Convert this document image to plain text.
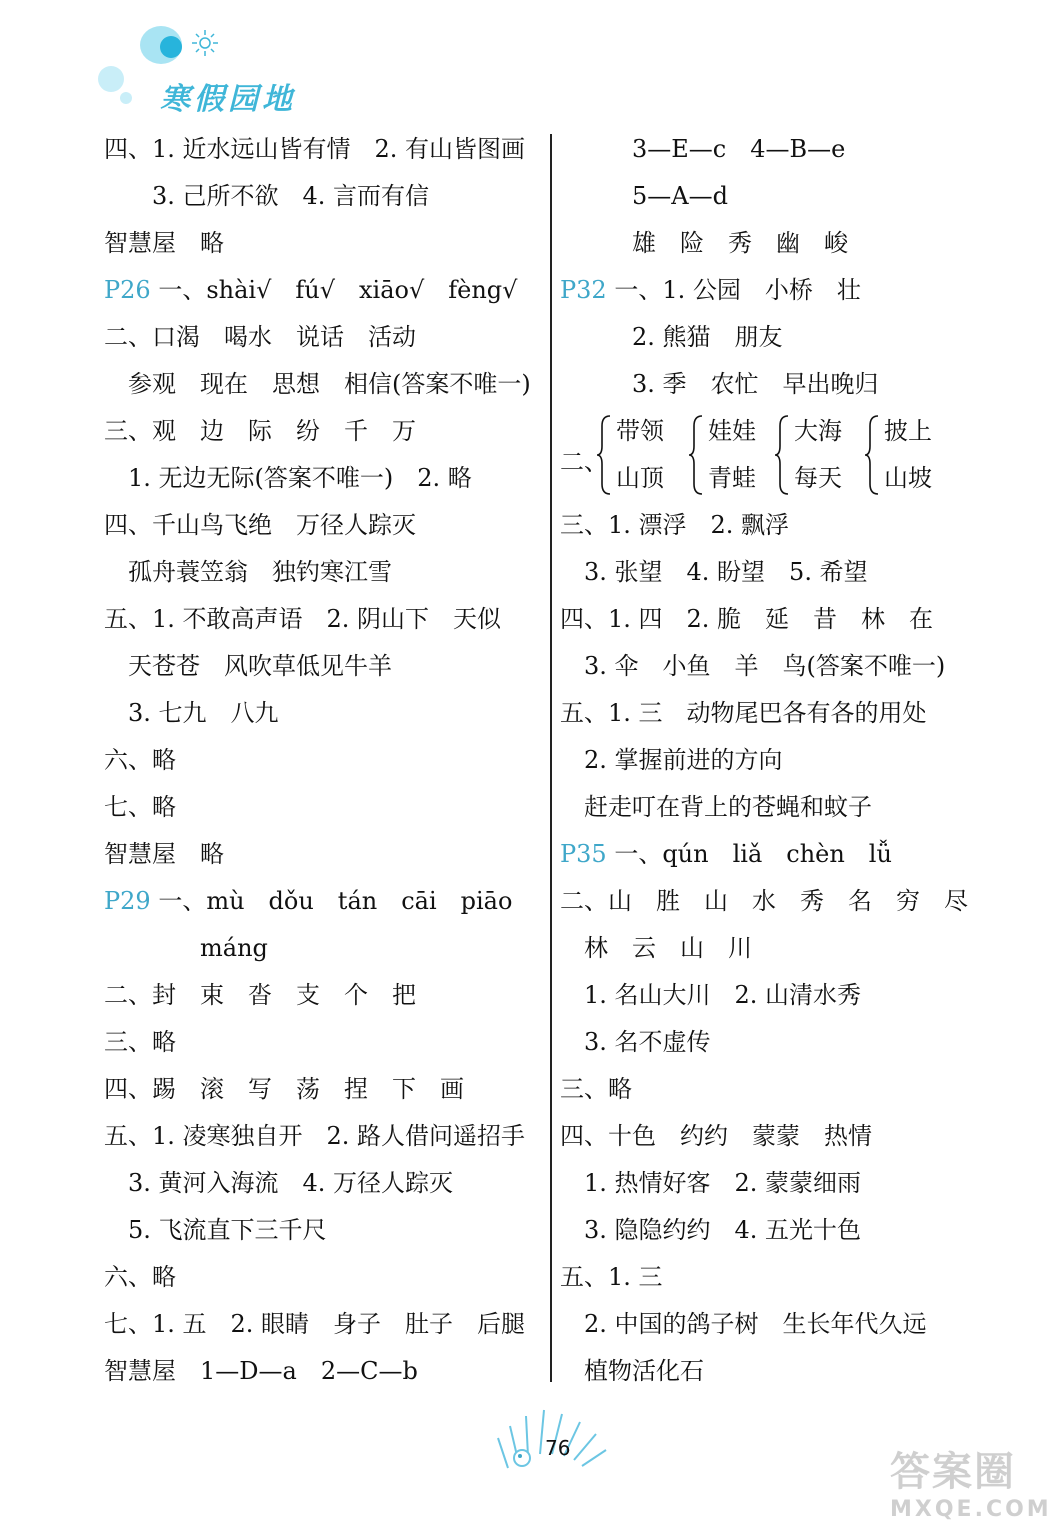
寒假园地
四、1. 近水远山皆有情　2. 有山皆图画
　　3. 己所不欲　4. 言而有信
智慧屋　略
P26 一、shài√　fú√　xiāo√　fèng√
二、口渴　喝水　说话　活动
　参观　现在　思想　相信(答案不唯一)
三、观　边　际　纷　千　万
　1. 无边无际(答案不唯一)　2. 略
四、千山鸟飞绝　万径人踪灭
　孤舟蓑笠翁　独钓寒江雪
五、1. 不敢高声语　2. 阴山下　天似
　天苍苍　风吹草低见牛羊
　3. 七九　八九
六、略
七、略
智慧屋　略
P29 一、mù　dǒu　tán　cāi　piāo
　　　　máng
二、封　束　沓　支　个　把
三、略
四、踢　滚　写　荡　捏　下　画
五、1. 凌寒独自开　2. 路人借问遥招手
　3. 黄河入海流　4. 万径人踪灭
　5. 飞流直下三千尺
六、略
七、1. 五　2. 眼睛　身子　肚子　后腿
智慧屋　1—D—a　2—C—b
　　　3—E—c　4—B—e
　　　5—A—d
　　　雄　险　秀　幽　峻
P32 一、1. 公园　小桥　壮
　　　2. 熊猫　朋友
　　　3. 季　农忙　早出晚归
二、
带领
山顶
娃娃
青蛙
大海
每天
披上
山坡
三、1. 漂浮　2. 飘浮
　3. 张望　4. 盼望　5. 希望
四、1. 四　2. 脆　延　昔　林　在
　3. 伞　小鱼　羊　鸟(答案不唯一)
五、1. 三　动物尾巴各有各的用处
　2. 掌握前进的方向
　赶走叮在背上的苍蝇和蚊子
P35 一、qún　liǎ　chèn　lǚ
二、山　胜　山　水　秀　名　穷　尽
　林　云　山　川
　1. 名山大川　2. 山清水秀
　3. 名不虚传
三、略
四、十色　约约　蒙蒙　热情
　1. 热情好客　2. 蒙蒙细雨
　3. 隐隐约约　4. 五光十色
五、1. 三
　2. 中国的鸽子树　生长年代久远
　植物活化石
76
答案圈
MXQE.COM
